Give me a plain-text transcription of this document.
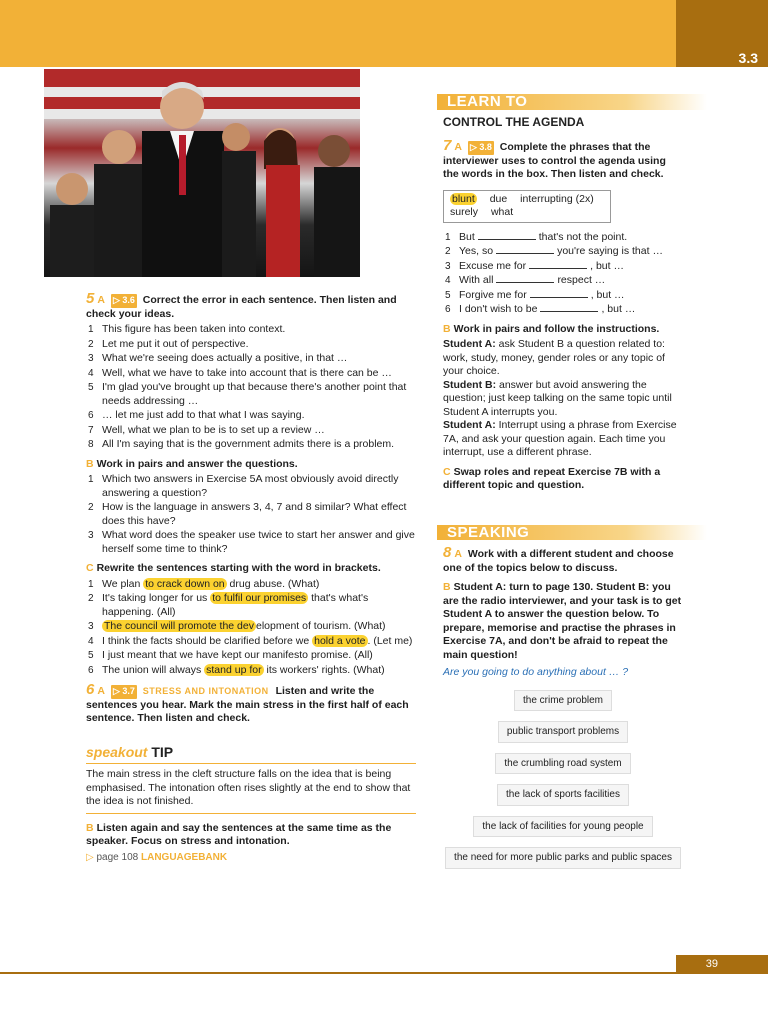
3.3

5 A ▷ 3.6 Correct the error in each sentence. Then listen and check your ideas.

1 This figure has been taken into context.
2 Let me put it out of perspective.
3 What we're seeing does actually a positive, in that …
4 Well, what we have to take into account that is there can be …
5 I'm glad you've brought up that because there's another point that needs addressing …
6 … let me just add to that what I was saying.
7 Well, what we plan to be is to set up a review …
8 All I'm saying that is the government admits there is a problem.

B Work in pairs and answer the questions.

1 Which two answers in Exercise 5A most obviously avoid directly answering a question?
2 How is the language in answers 3, 4, 7 and 8 similar? What effect does this have?
3 What word does the speaker use twice to start her answer and give herself some time to think?

C Rewrite the sentences starting with the word in brackets.

1 We plan to crack down on drug abuse. (What)
2 It's taking longer for us to fulfil our promises that's what's happening. (All)
3 The council will promote the dev elopment of tourism. (What)
4 I think the facts should be clarified before we hold a vote . (Let me)
5 I just meant that we have kept our manifesto promise. (All)
6 The union will always stand up for its workers' rights. (What)

6 A ▷ 3.7 STRESS AND INTONATION Listen and write the sentences you hear. Mark the main stress in the first half of each sentence. Then listen and check.

speakout TIP

The main stress in the cleft structure falls on the idea that is being emphasised. The intonation often rises slightly at the end to show that the idea is not finished.

B Listen again and say the sentences at the same time as the speaker. Focus on stress and intonation.

▷ page 108 LANGUAGEBANK

LEARN TO
CONTROL THE AGENDA

7 A ▷ 3.8 Complete the phrases that the interviewer uses to control the agenda using the words in the box. Then listen and check.

blunt due interrupting (2x)
surely what
1 But	that's not the point.
2 Yes, so	you're saying is that …
3 Excuse me for	, but …
4 With all	respect …
5 Forgive me for	, but …
6 I don't wish to be	, but …

B Work in pairs and follow the instructions.

Student A: ask Student B a question related to: work, study, money, gender roles or any topic of your choice.

Student B: answer but avoid answering the question; just keep talking on the same topic until Student A interrupts you.

Student A: Interrupt using a phrase from Exercise 7A, and ask your question again. Each time you interrupt, use a different phrase.

C Swap roles and repeat Exercise 7B with a different topic and question.

SPEAKING

8 A Work with a different student and choose one of the topics below to discuss.

B Student A: turn to page 130. Student B: you are the radio interviewer, and your task is to get Student A to answer the question below. To prepare, memorise and practise the phrases in Exercise 7A, and don't be afraid to repeat the main question!

Are you going to do anything about … ?

the crime problem
public transport problems
the crumbling road system
the lack of sports facilities
the lack of facilities for young people
the need for more public parks and public spaces
39
